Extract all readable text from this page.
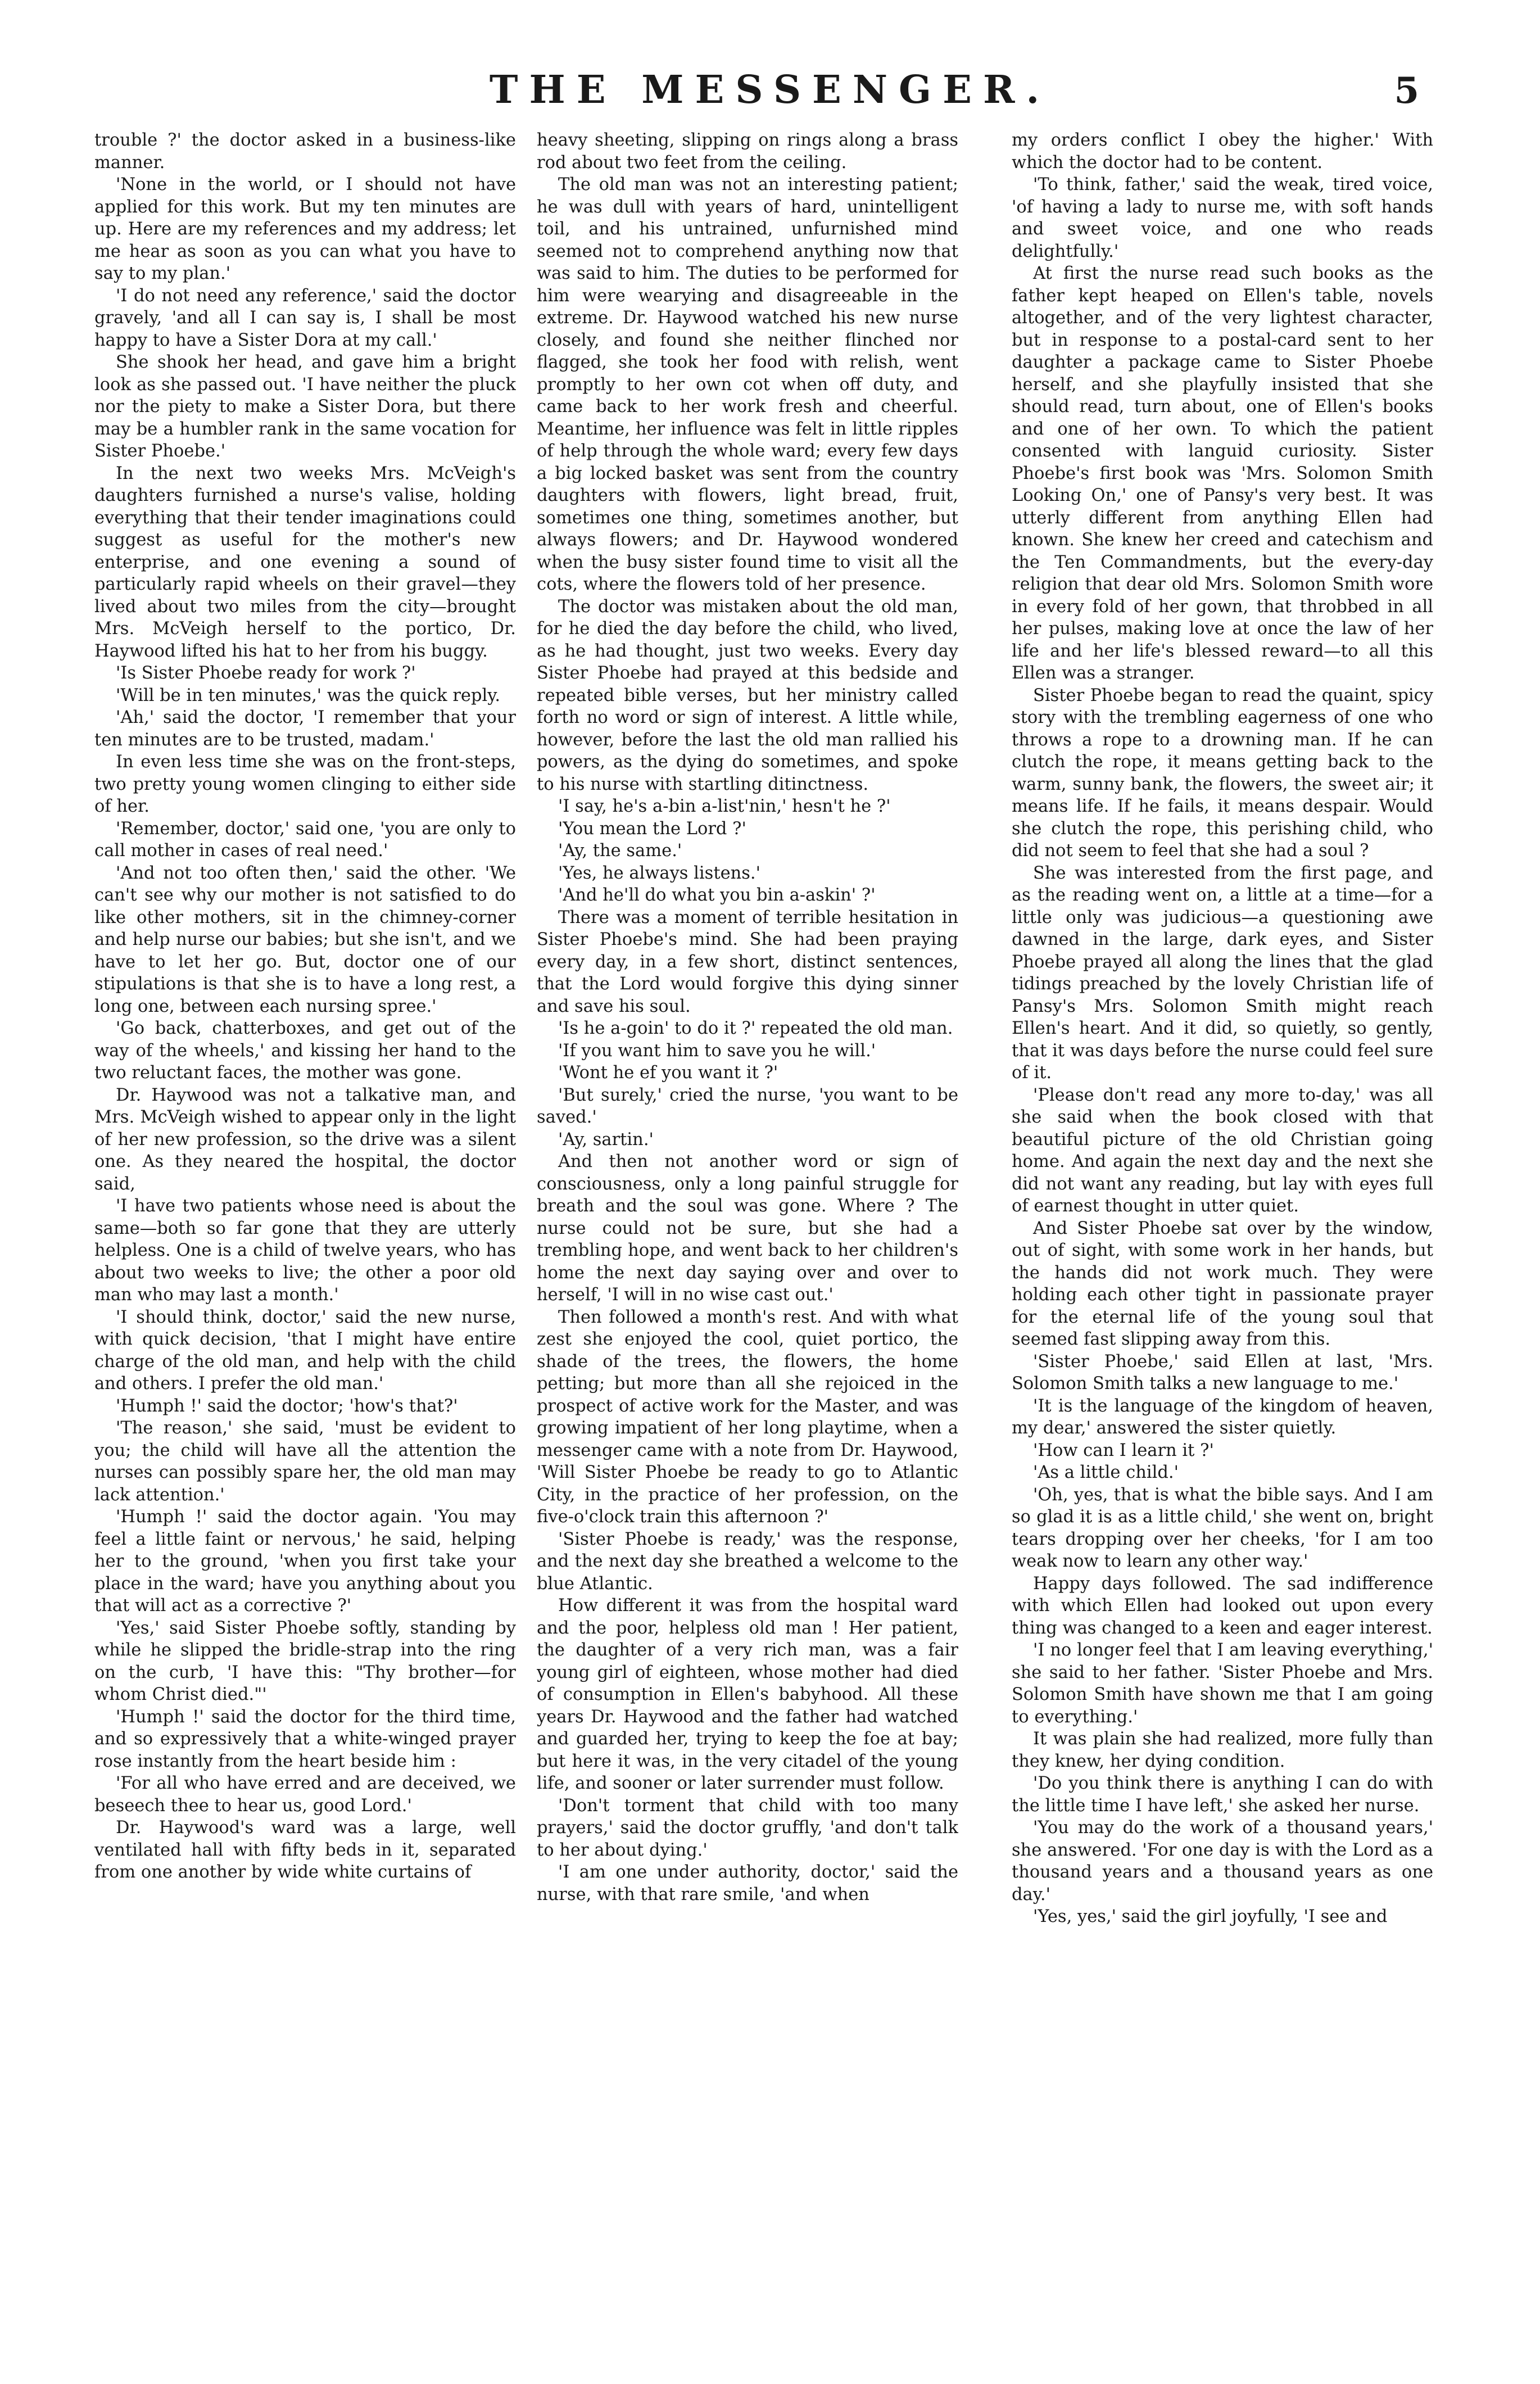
THE MESSENGER.	5

trouble ?' the doctor asked in a business-like manner.

'None in the world, or I should not have applied for this work. But my ten minutes are up. Here are my references and my address; let me hear as soon as you can what you have to say to my plan.'

'I do not need any reference,' said the doctor gravely, 'and all I can say is, I shall be most happy to have a Sister Dora at my call.'

She shook her head, and gave him a bright look as she passed out. 'I have neither the pluck nor the piety to make a Sister Dora, but there may be a humbler rank in the same vocation for Sister Phoebe.'

In the next two weeks Mrs. McVeigh's daughters furnished a nurse's valise, holding everything that their tender imaginations could suggest as useful for the mother's new enterprise, and one evening a sound of particularly rapid wheels on their gravel—they lived about two miles from the city—brought Mrs. McVeigh herself to the portico, Dr. Haywood lifted his hat to her from his buggy.

'Is Sister Phoebe ready for work ?'

'Will be in ten minutes,' was the quick reply.

'Ah,' said the doctor, 'I remember that your ten minutes are to be trusted, madam.'

In even less time she was on the front-steps, two pretty young women clinging to either side of her.

'Remember, doctor,' said one, 'you are only to call mother in cases of real need.'

'And not too often then,' said the other. 'We can't see why our mother is not satisfied to do like other mothers, sit in the chimney-corner and help nurse our babies; but she isn't, and we have to let her go. But, doctor one of our stipulations is that she is to have a long rest, a long one, between each nursing spree.'

'Go back, chatterboxes, and get out of the way of the wheels,' and kissing her hand to the two reluctant faces, the mother was gone.

Dr. Haywood was not a talkative man, and Mrs. McVeigh wished to appear only in the light of her new profession, so the drive was a silent one. As they neared the hospital, the doctor said,

'I have two patients whose need is about the same—both so far gone that they are utterly helpless. One is a child of twelve years, who has about two weeks to live; the other a poor old man who may last a month.'

'I should think, doctor,' said the new nurse, with quick decision, 'that I might have entire charge of the old man, and help with the child and others. I prefer the old man.'

'Humph !' said the doctor; 'how's that?'

'The reason,' she said, 'must be evident to you; the child will have all the attention the nurses can possibly spare her, the old man may lack attention.'

'Humph !' said the doctor again. 'You may feel a little faint or nervous,' he said, helping her to the ground, 'when you first take your place in the ward; have you anything about you that will act as a corrective ?'

'Yes,' said Sister Phoebe softly, standing by while he slipped the bridle-strap into the ring on the curb, 'I have this: "Thy brother—for whom Christ died."'

'Humph !' said the doctor for the third time, and so expressively that a white-winged prayer rose instantly from the heart beside him :

'For all who have erred and are deceived, we beseech thee to hear us, good Lord.'

Dr. Haywood's ward was a large, well ventilated hall with fifty beds in it, separated from one another by wide white curtains of

heavy sheeting, slipping on rings along a brass rod about two feet from the ceiling.

The old man was not an interesting patient; he was dull with years of hard, unintelligent toil, and his untrained, unfurnished mind seemed not to comprehend anything now that was said to him. The duties to be performed for him were wearying and disagreeable in the extreme. Dr. Haywood watched his new nurse closely, and found she neither flinched nor flagged, she took her food with relish, went promptly to her own cot when off duty, and came back to her work fresh and cheerful. Meantime, her influence was felt in little ripples of help through the whole ward; every few days a big locked basket was sent from the country daughters with flowers, light bread, fruit, sometimes one thing, sometimes another, but always flowers; and Dr. Haywood wondered when the busy sister found time to visit all the cots, where the flowers told of her presence.

The doctor was mistaken about the old man, for he died the day before the child, who lived, as he had thought, just two weeks. Every day Sister Phoebe had prayed at this bedside and repeated bible verses, but her ministry called forth no word or sign of interest. A little while, however, before the last the old man rallied his powers, as the dying do sometimes, and spoke to his nurse with startling ditinctness.

'I say, he's a-bin a-list'nin,' hesn't he ?'

'You mean the Lord ?'

'Ay, the same.'

'Yes, he always listens.'

'And he'll do what you bin a-askin' ?'

There was a moment of terrible hesitation in Sister Phoebe's mind. She had been praying every day, in a few short, distinct sentences, that the Lord would forgive this dying sinner and save his soul.

'Is he a-goin' to do it ?' repeated the old man.

'If you want him to save you he will.'

'Wont he ef you want it ?'

'But surely,' cried the nurse, 'you want to be saved.'

'Ay, sartin.'

And then not another word or sign of consciousness, only a long painful struggle for breath and the soul was gone. Where ? The nurse could not be sure, but she had a trembling hope, and went back to her children's home the next day saying over and over to herself, 'I will in no wise cast out.'

Then followed a month's rest. And with what zest she enjoyed the cool, quiet portico, the shade of the trees, the flowers, the home petting; but more than all she rejoiced in the prospect of active work for the Master, and was growing impatient of her long playtime, when a messenger came with a note from Dr. Haywood, 'Will Sister Phoebe be ready to go to Atlantic City, in the practice of her profession, on the five-o'clock train this afternoon ?'

'Sister Phoebe is ready,' was the response, and the next day she breathed a welcome to the blue Atlantic.

How different it was from the hospital ward and the poor, helpless old man ! Her patient, the daughter of a very rich man, was a fair young girl of eighteen, whose mother had died of consumption in Ellen's babyhood. All these years Dr. Haywood and the father had watched and guarded her, trying to keep the foe at bay; but here it was, in the very citadel of the young life, and sooner or later surrender must follow.

'Don't torment that child with too many prayers,' said the doctor gruffly, 'and don't talk to her about dying.'

'I am one under authority, doctor,' said the nurse, with that rare smile, 'and when

my orders conflict I obey the higher.' With which the doctor had to be content.

'To think, father,' said the weak, tired voice, 'of having a lady to nurse me, with soft hands and sweet voice, and one who reads delightfully.'

At first the nurse read such books as the father kept heaped on Ellen's table, novels altogether, and of the very lightest character, but in response to a postal-card sent to her daughter a package came to Sister Phoebe herself, and she playfully insisted that she should read, turn about, one of Ellen's books and one of her own. To which the patient consented with languid curiosity. Sister Phoebe's first book was 'Mrs. Solomon Smith Looking On,' one of Pansy's very best. It was utterly different from anything Ellen had known. She knew her creed and catechism and the Ten Commandments, but the every-day religion that dear old Mrs. Solomon Smith wore in every fold of her gown, that throbbed in all her pulses, making love at once the law of her life and her life's blessed reward—to all this Ellen was a stranger.

Sister Phoebe began to read the quaint, spicy story with the trembling eagerness of one who throws a rope to a drowning man. If he can clutch the rope, it means getting back to the warm, sunny bank, the flowers, the sweet air; it means life. If he fails, it means despair. Would she clutch the rope, this perishing child, who did not seem to feel that she had a soul ?

She was interested from the first page, and as the reading went on, a little at a time—for a little only was judicious—a questioning awe dawned in the large, dark eyes, and Sister Phoebe prayed all along the lines that the glad tidings preached by the lovely Christian life of Pansy's Mrs. Solomon Smith might reach Ellen's heart. And it did, so quietly, so gently, that it was days before the nurse could feel sure of it.

'Please don't read any more to-day,' was all she said when the book closed with that beautiful picture of the old Christian going home. And again the next day and the next she did not want any reading, but lay with eyes full of earnest thought in utter quiet.

And Sister Phoebe sat over by the window, out of sight, with some work in her hands, but the hands did not work much. They were holding each other tight in passionate prayer for the eternal life of the young soul that seemed fast slipping away from this.

'Sister Phoebe,' said Ellen at last, 'Mrs. Solomon Smith talks a new language to me.'

'It is the language of the kingdom of heaven, my dear,' answered the sister quietly.

'How can I learn it ?'

'As a little child.'

'Oh, yes, that is what the bible says. And I am so glad it is as a little child,' she went on, bright tears dropping over her cheeks, 'for I am too weak now to learn any other way.'

Happy days followed. The sad indifference with which Ellen had looked out upon every thing was changed to a keen and eager interest.

'I no longer feel that I am leaving everything,' she said to her father. 'Sister Phoebe and Mrs. Solomon Smith have shown me that I am going to everything.'

It was plain she had realized, more fully than they knew, her dying condition.

'Do you think there is anything I can do with the little time I have left,' she asked her nurse.

'You may do the work of a thousand years,' she answered. 'For one day is with the Lord as a thousand years and a thousand years as one day.'

'Yes, yes,' said the girl joyfully, 'I see and
